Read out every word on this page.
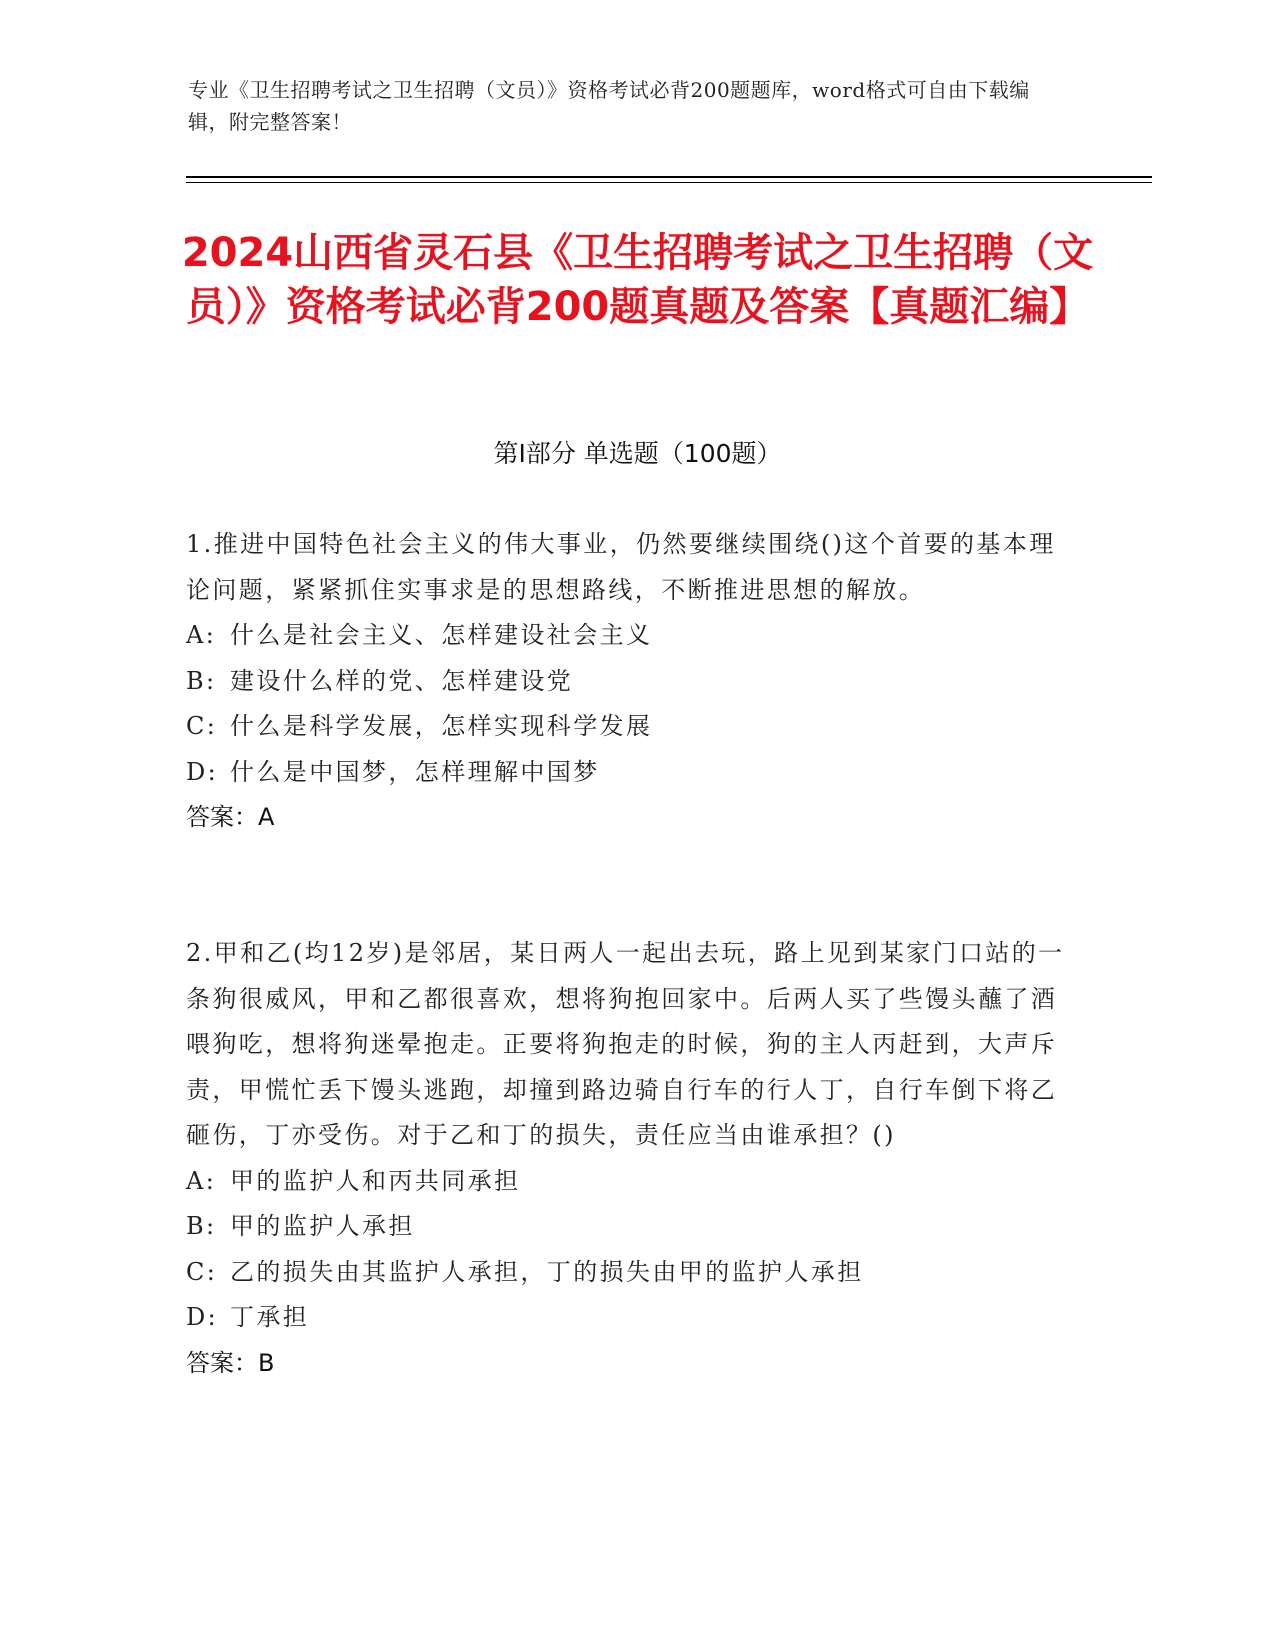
专业《卫生招聘考试之卫生招聘（文员）》资格考试必背200题题库，word格式可自由下载编辑，附完整答案！
2024山西省灵石县《卫生招聘考试之卫生招聘（文员）》资格考试必背200题真题及答案【真题汇编】
第I部分 单选题（100题）
1.推进中国特色社会主义的伟大事业，仍然要继续围绕()这个首要的基本理论问题，紧紧抓住实事求是的思想路线，不断推进思想的解放。
A: 什么是社会主义、怎样建设社会主义
B: 建设什么样的党、怎样建设党
C: 什么是科学发展，怎样实现科学发展
D: 什么是中国梦，怎样理解中国梦
答案：A
2.甲和乙(均12岁)是邻居，某日两人一起出去玩，路上见到某家门口站的一条狗很威风，甲和乙都很喜欢，想将狗抱回家中。后两人买了些馒头蘸了酒喂狗吃，想将狗迷晕抱走。正要将狗抱走的时候，狗的主人丙赶到，大声斥责，甲慌忙丢下馒头逃跑，却撞到路边骑自行车的行人丁，自行车倒下将乙砸伤，丁亦受伤。对于乙和丁的损失，责任应当由谁承担？()
A: 甲的监护人和丙共同承担
B: 甲的监护人承担
C: 乙的损失由其监护人承担，丁的损失由甲的监护人承担
D: 丁承担
答案：B
